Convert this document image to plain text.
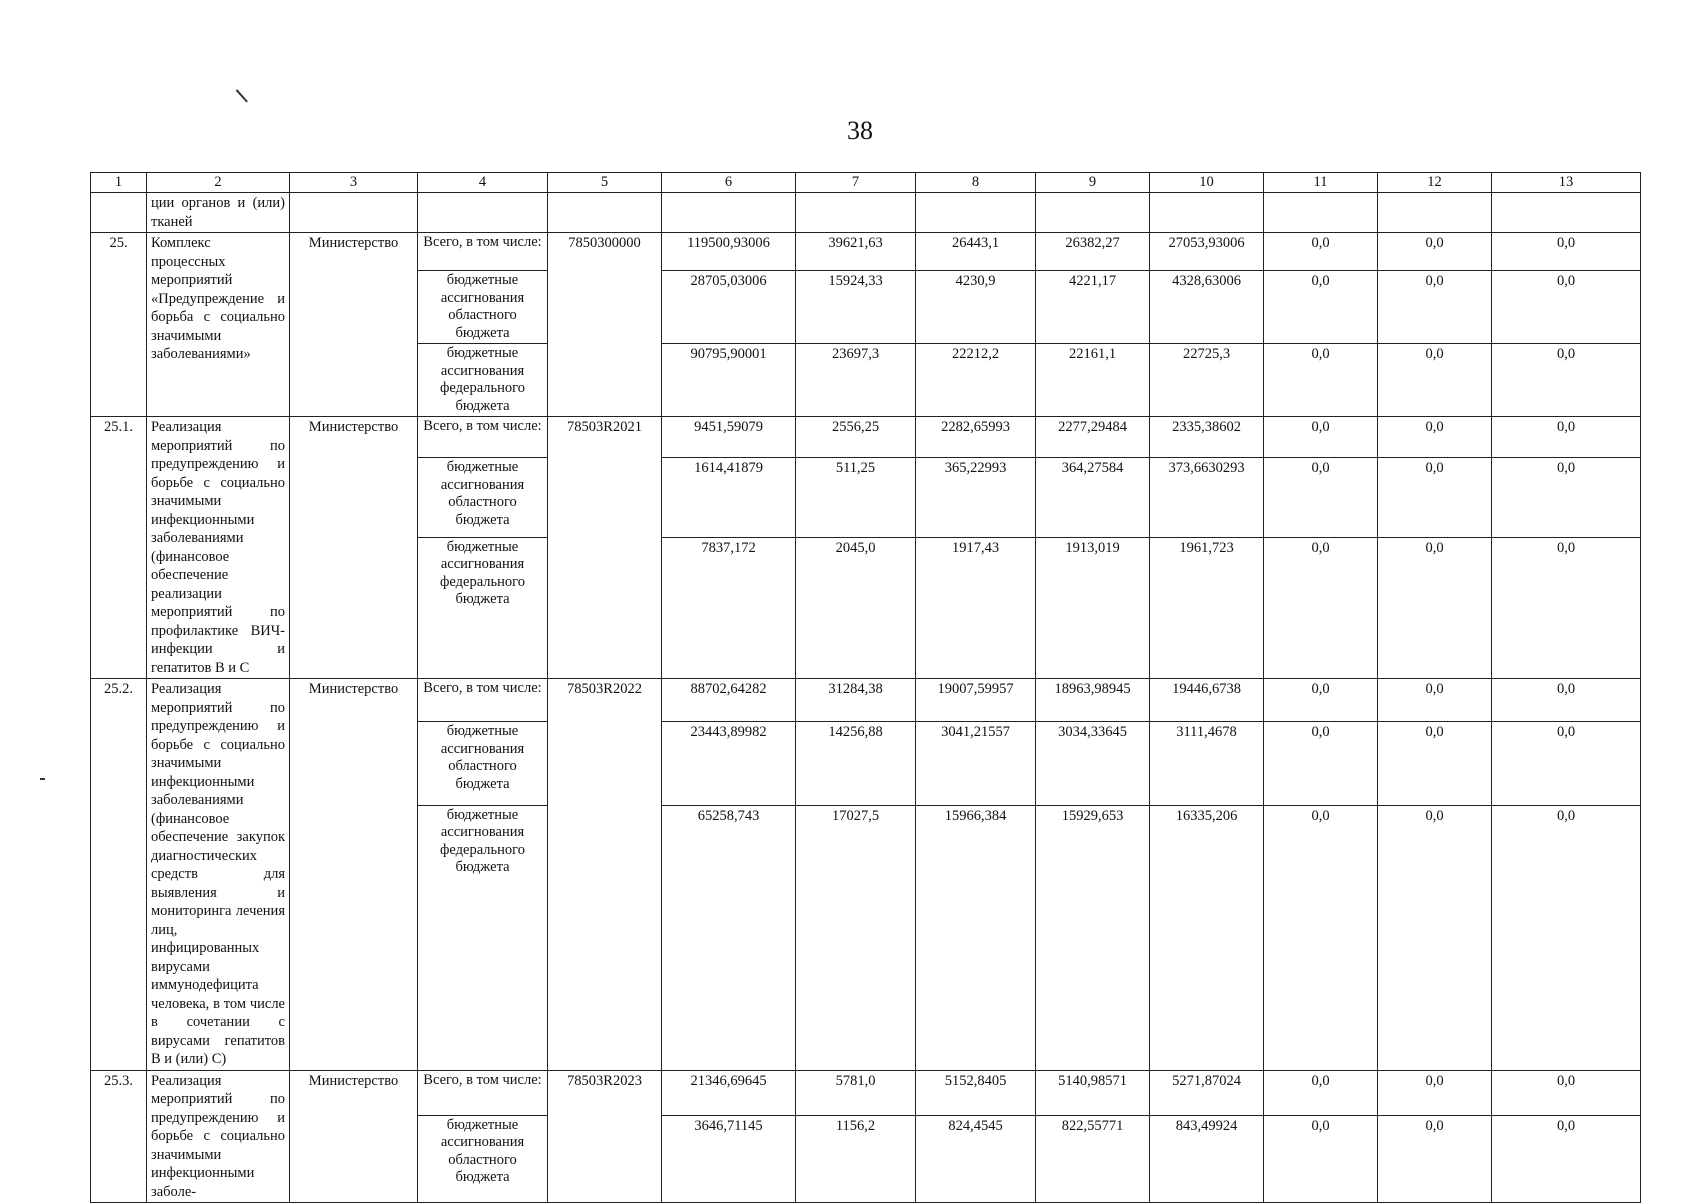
38
1	2	3	4	5	6	7	8	9	10	11	12	13
	ции органов и (или) тканей											
25.	Комплекс процессных мероприятий «Предупреждение и борьба с социально значимыми заболеваниями»	Министерство	Всего, в том числе:	7850300000	119500,93006	39621,63	26443,1	26382,27	27053,93006	0,0	0,0	0,0
			бюджетные ассигнования областного бюджета		28705,03006	15924,33	4230,9	4221,17	4328,63006	0,0	0,0	0,0
			бюджетные ассигнования федерального бюджета		90795,90001	23697,3	22212,2	22161,1	22725,3	0,0	0,0	0,0
25.1.	Реализация мероприятий по предупреждению и борьбе с социально значимыми инфекционными заболеваниями (финансовое обеспечение реализации мероприятий по профилактике ВИЧ-инфекции и гепатитов В и С	Министерство	Всего, в том числе:	78503R2021	9451,59079	2556,25	2282,65993	2277,29484	2335,38602	0,0	0,0	0,0
			бюджетные ассигнования областного бюджета		1614,41879	511,25	365,22993	364,27584	373,6630293	0,0	0,0	0,0
			бюджетные ассигнования федерального бюджета		7837,172	2045,0	1917,43	1913,019	1961,723	0,0	0,0	0,0
25.2.	Реализация мероприятий по предупреждению и борьбе с социально значимыми инфекционными заболеваниями (финансовое обеспечение закупок диагностических средств для выявления и мониторинга лечения лиц, инфицированных вирусами иммунодефицита человека, в том числе в сочетании с вирусами гепатитов В и (или) С)	Министерство	Всего, в том числе:	78503R2022	88702,64282	31284,38	19007,59957	18963,98945	19446,6738	0,0	0,0	0,0
			бюджетные ассигнования областного бюджета		23443,89982	14256,88	3041,21557	3034,33645	3111,4678	0,0	0,0	0,0
			бюджетные ассигнования федерального бюджета		65258,743	17027,5	15966,384	15929,653	16335,206	0,0	0,0	0,0
25.3.	Реализация мероприятий по предупреждению и борьбе с социально значимыми инфекционными заболе-	Министерство	Всего, в том числе:	78503R2023	21346,69645	5781,0	5152,8405	5140,98571	5271,87024	0,0	0,0	0,0
			бюджетные ассигнования областного бюджета		3646,71145	1156,2	824,4545	822,55771	843,49924	0,0	0,0	0,0
